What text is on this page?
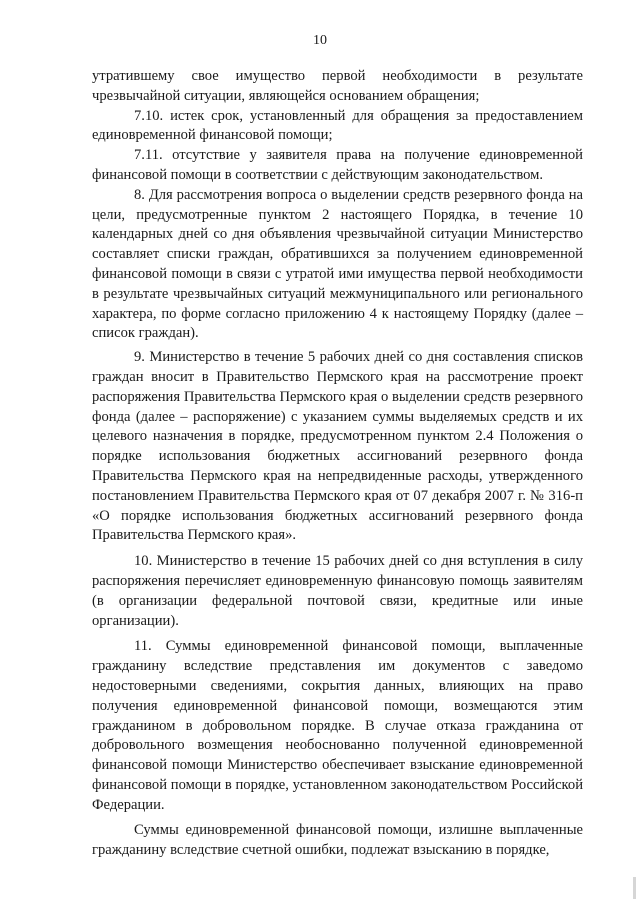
10

утратившему свое имущество первой необходимости в результате чрезвычайной ситуации, являющейся основанием обращения;

7.10. истек срок, установленный для обращения за предоставлением единовременной финансовой помощи;

7.11. отсутствие у заявителя права на получение единовременной финансовой помощи в соответствии с действующим законодательством.

8. Для рассмотрения вопроса о выделении средств резервного фонда на цели, предусмотренные пунктом 2 настоящего Порядка, в течение 10 календарных дней со дня объявления чрезвычайной ситуации Министерство составляет списки граждан, обратившихся за получением единовременной финансовой помощи в связи с утратой ими имущества первой необходимости в результате чрезвычайных ситуаций межмуниципального или регионального характера, по форме согласно приложению 4 к настоящему Порядку (далее – список граждан).

9. Министерство в течение 5 рабочих дней со дня составления списков граждан вносит в Правительство Пермского края на рассмотрение проект распоряжения Правительства Пермского края о выделении средств резервного фонда (далее – распоряжение) с указанием суммы выделяемых средств и их целевого назначения в порядке, предусмотренном пунктом 2.4 Положения о порядке использования бюджетных ассигнований резервного фонда Правительства Пермского края на непредвиденные расходы, утвержденного постановлением Правительства Пермского края от 07 декабря 2007 г. № 316-п «О порядке использования бюджетных ассигнований резервного фонда Правительства Пермского края».

10. Министерство в течение 15 рабочих дней со дня вступления в силу распоряжения перечисляет единовременную финансовую помощь заявителям (в организации федеральной почтовой связи, кредитные или иные организации).

11. Суммы единовременной финансовой помощи, выплаченные гражданину вследствие представления им документов с заведомо недостоверными сведениями, сокрытия данных, влияющих на право получения единовременной финансовой помощи, возмещаются этим гражданином в добровольном порядке. В случае отказа гражданина от добровольного возмещения необоснованно полученной единовременной финансовой помощи Министерство обеспечивает взыскание единовременной финансовой помощи в порядке, установленном законодательством Российской Федерации.

Суммы единовременной финансовой помощи, излишне выплаченные гражданину вследствие счетной ошибки, подлежат взысканию в порядке,
